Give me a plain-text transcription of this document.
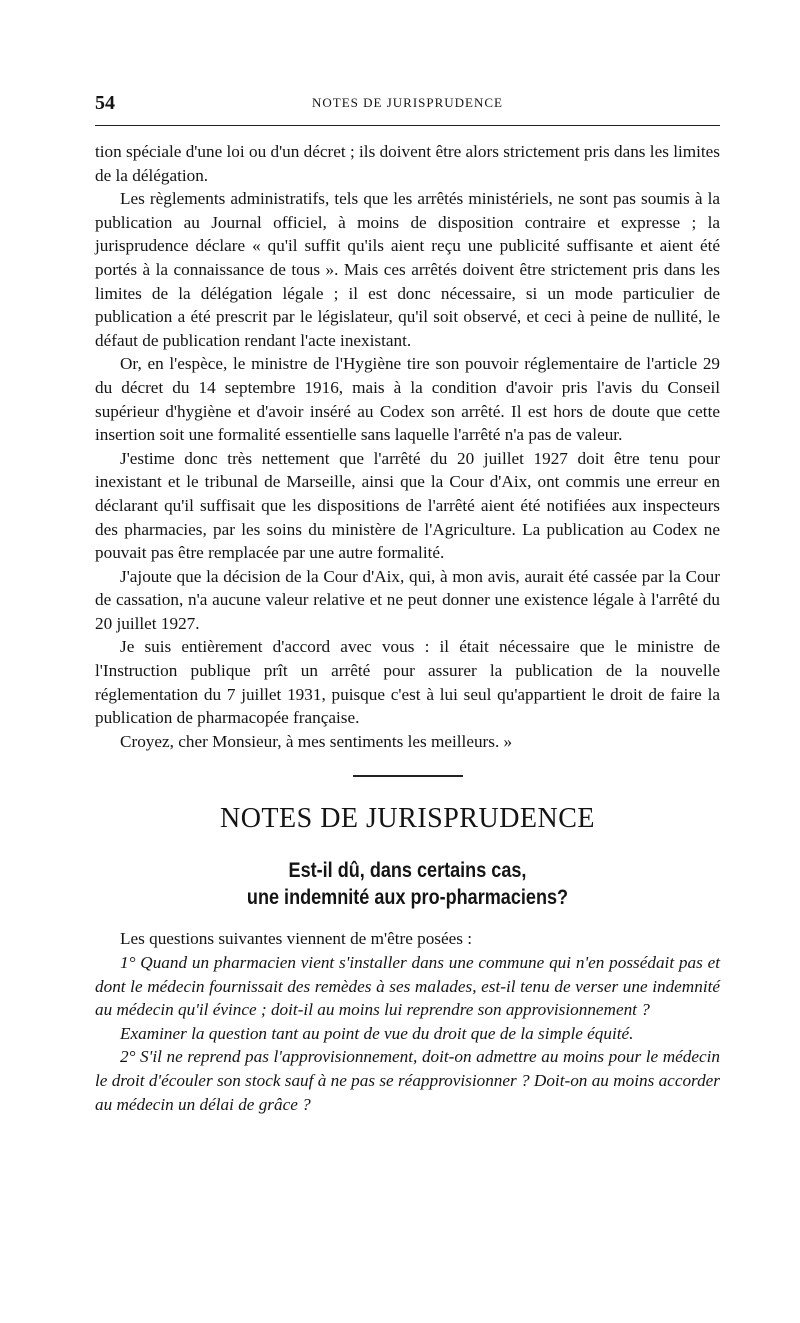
54	NOTES DE JURISPRUDENCE

tion spéciale d'une loi ou d'un décret ; ils doivent être alors strictement pris dans les limites de la délégation.

Les règlements administratifs, tels que les arrêtés ministériels, ne sont pas soumis à la publication au Journal officiel, à moins de disposition contraire et expresse ; la jurisprudence déclare « qu'il suffit qu'ils aient reçu une publicité suffisante et aient été portés à la connaissance de tous ». Mais ces arrêtés doivent être strictement pris dans les limites de la délégation légale ; il est donc nécessaire, si un mode particulier de publication a été prescrit par le législateur, qu'il soit observé, et ceci à peine de nullité, le défaut de publication rendant l'acte inexistant.

Or, en l'espèce, le ministre de l'Hygiène tire son pouvoir réglementaire de l'article 29 du décret du 14 septembre 1916, mais à la condition d'avoir pris l'avis du Conseil supérieur d'hygiène et d'avoir inséré au Codex son arrêté. Il est hors de doute que cette insertion soit une formalité essentielle sans laquelle l'arrêté n'a pas de valeur.

J'estime donc très nettement que l'arrêté du 20 juillet 1927 doit être tenu pour inexistant et le tribunal de Marseille, ainsi que la Cour d'Aix, ont commis une erreur en déclarant qu'il suffisait que les dispositions de l'arrêté aient été notifiées aux inspecteurs des pharmacies, par les soins du ministère de l'Agriculture. La publication au Codex ne pouvait pas être remplacée par une autre formalité.

J'ajoute que la décision de la Cour d'Aix, qui, à mon avis, aurait été cassée par la Cour de cassation, n'a aucune valeur relative et ne peut donner une existence légale à l'arrêté du 20 juillet 1927.

Je suis entièrement d'accord avec vous : il était nécessaire que le ministre de l'Instruction publique prît un arrêté pour assurer la publication de la nouvelle réglementation du 7 juillet 1931, puisque c'est à lui seul qu'appartient le droit de faire la publication de pharmacopée française.

Croyez, cher Monsieur, à mes sentiments les meilleurs. »

NOTES DE JURISPRUDENCE
Est-il dû, dans certains cas,
une indemnité aux pro-pharmaciens?

Les questions suivantes viennent de m'être posées :

1° Quand un pharmacien vient s'installer dans une commune qui n'en possédait pas et dont le médecin fournissait des remèdes à ses malades, est-il tenu de verser une indemnité au médecin qu'il évince ; doit-il au moins lui reprendre son approvisionnement ?

Examiner la question tant au point de vue du droit que de la simple équité.

2° S'il ne reprend pas l'approvisionnement, doit-on admettre au moins pour le médecin le droit d'écouler son stock sauf à ne pas se réapprovisionner ? Doit-on au moins accorder au médecin un délai de grâce ?
